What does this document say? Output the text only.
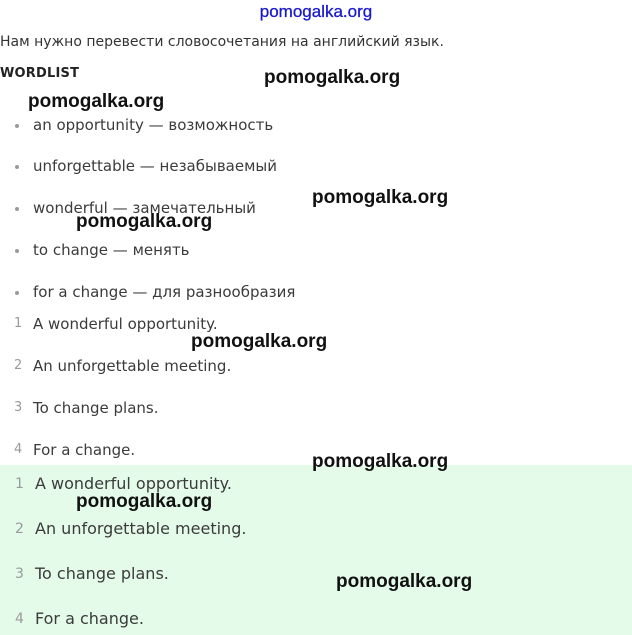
pomogalka.org
Нам нужно перевести словосочетания на английский язык.
WORDLIST
an opportunity — возможность
unforgettable — незабываемый
wonderful — замечательный
to change — менять
for a change — для разнообразия
1 A wonderful opportunity.
2 An unforgettable meeting.
3 To change plans.
4 For a change.
1 A wonderful opportunity.
2 An unforgettable meeting.
3 To change plans.
4 For a change.
pomogalka.org
pomogalka.org
pomogalka.org
pomogalka.org
pomogalka.org
pomogalka.org
pomogalka.org
pomogalka.org
